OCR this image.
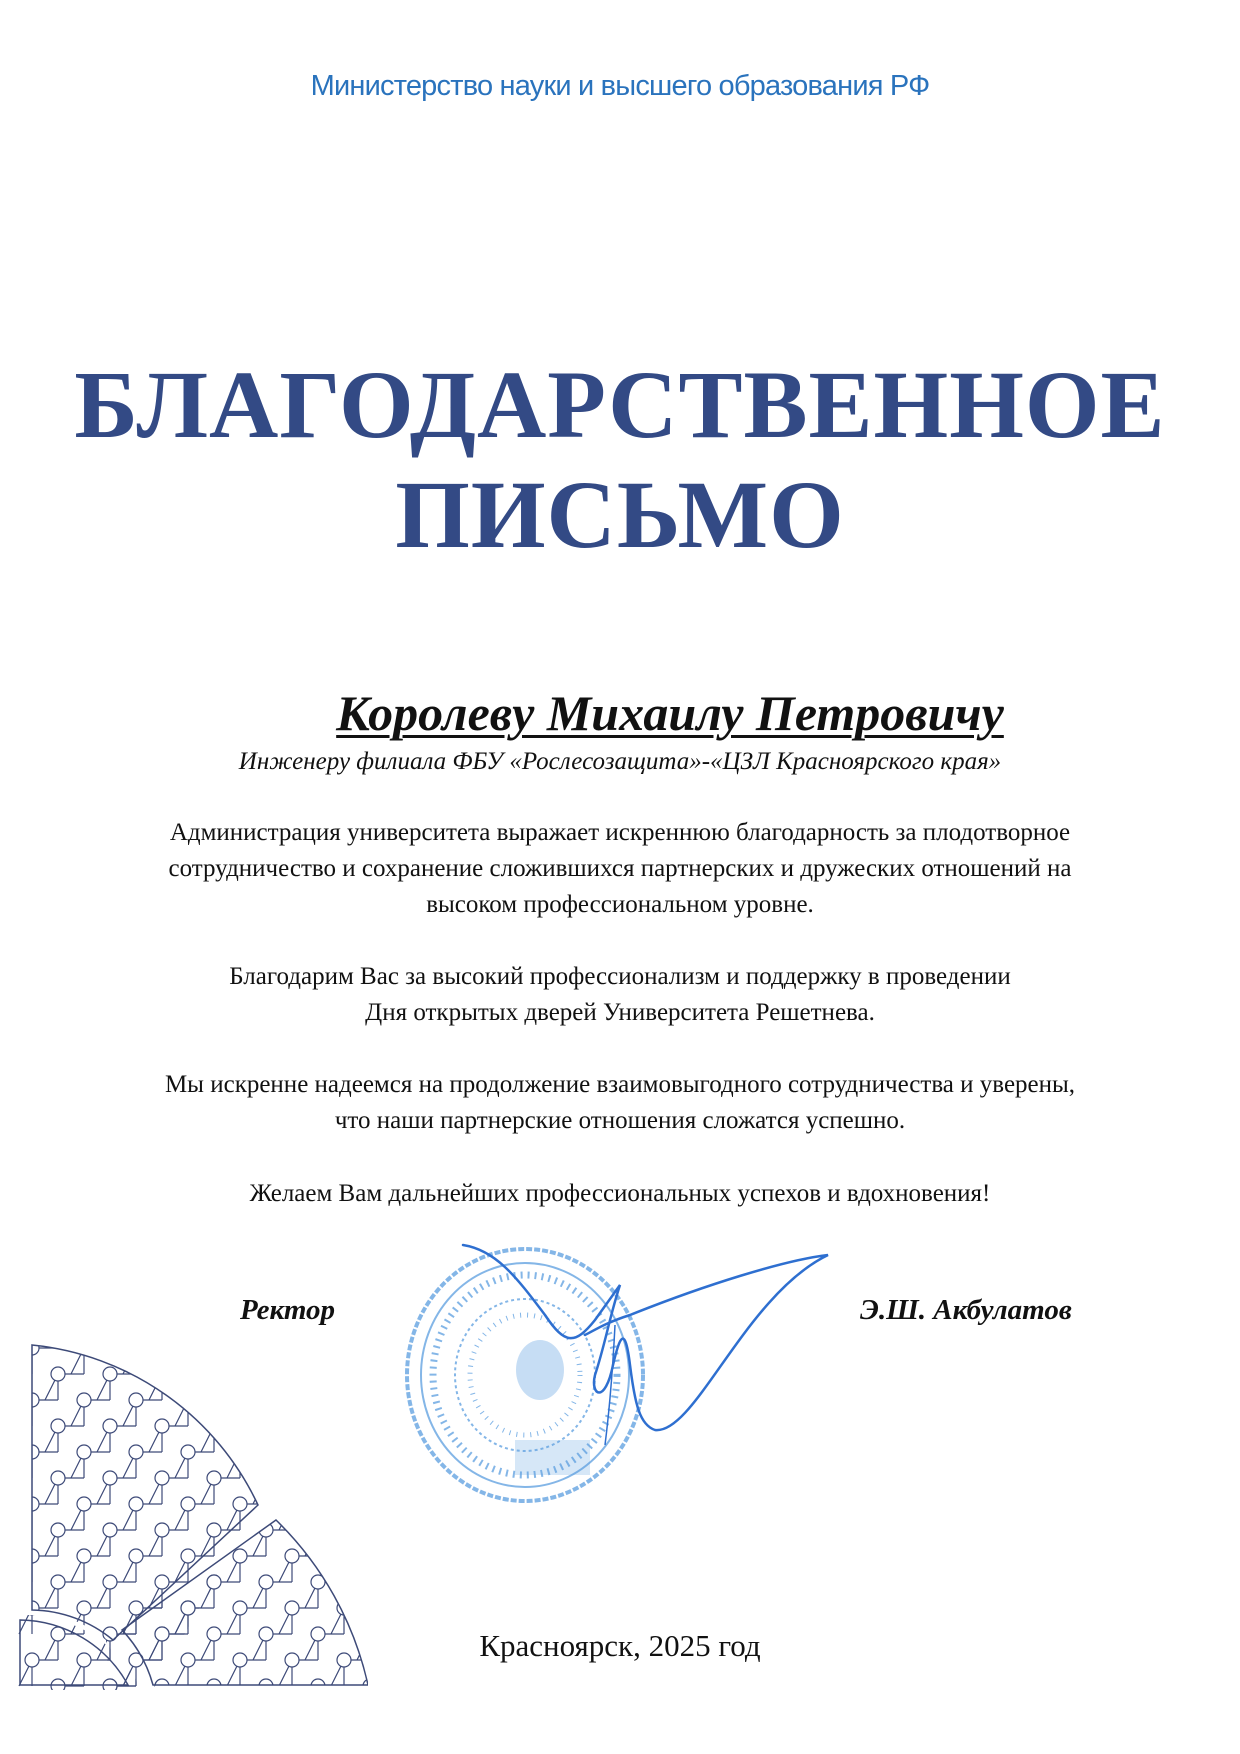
Министерство науки и высшего образования РФ
БЛАГОДАРСТВЕННОЕ
ПИСЬМО
Королеву Михаилу Петровичу
Инженеру филиала ФБУ «Рослесозащита»-«ЦЗЛ Красноярского края»
Администрация университета выражает искреннюю благодарность за плодотворное
сотрудничество и сохранение сложившихся партнерских и дружеских отношений на
высоком профессиональном уровне.
Благодарим Вас за высокий профессионализм и поддержку в проведении
Дня открытых дверей Университета Решетнева.
Мы искренне надеемся на продолжение взаимовыгодного сотрудничества и уверены,
что наши партнерские отношения сложатся успешно.
Желаем Вам дальнейших профессиональных успехов и вдохновения!
Ректор	Э.Ш. Акбулатов
Красноярск, 2025 год
